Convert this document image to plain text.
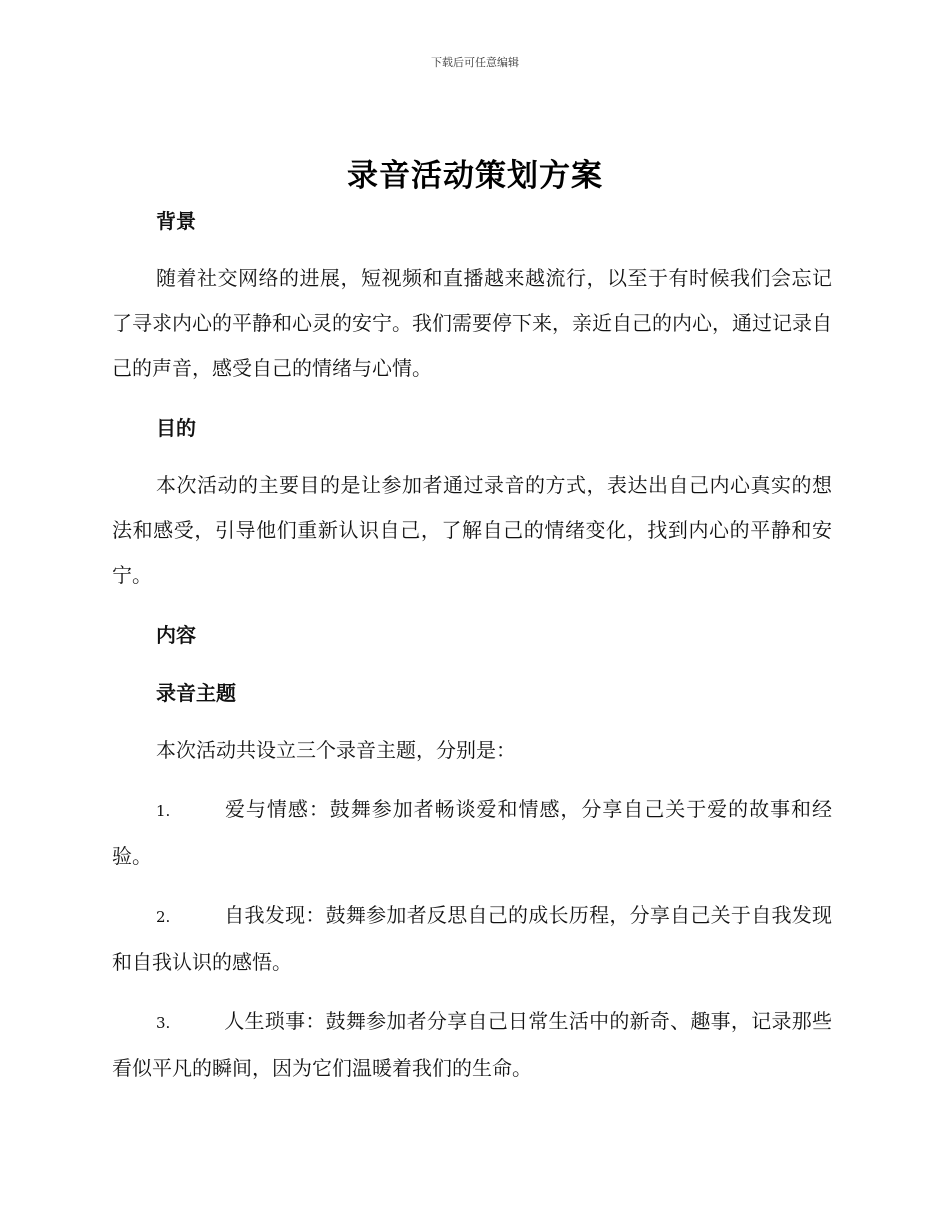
下载后可任意编辑
录音活动策划方案

背景

随着社交网络的进展，短视频和直播越来越流行，以至于有时候我们会忘记了寻求内心的平静和心灵的安宁。我们需要停下来，亲近自己的内心，通过记录自己的声音，感受自己的情绪与心情。

目的

本次活动的主要目的是让参加者通过录音的方式，表达出自己内心真实的想法和感受，引导他们重新认识自己，了解自己的情绪变化，找到内心的平静和安宁。

内容

录音主题

本次活动共设立三个录音主题，分别是：

1.	爱与情感：鼓舞参加者畅谈爱和情感，分享自己关于爱的故事和经验。

2.	自我发现：鼓舞参加者反思自己的成长历程，分享自己关于自我发现和自我认识的感悟。

3.	人生琐事：鼓舞参加者分享自己日常生活中的新奇、趣事，记录那些看似平凡的瞬间，因为它们温暖着我们的生命。
